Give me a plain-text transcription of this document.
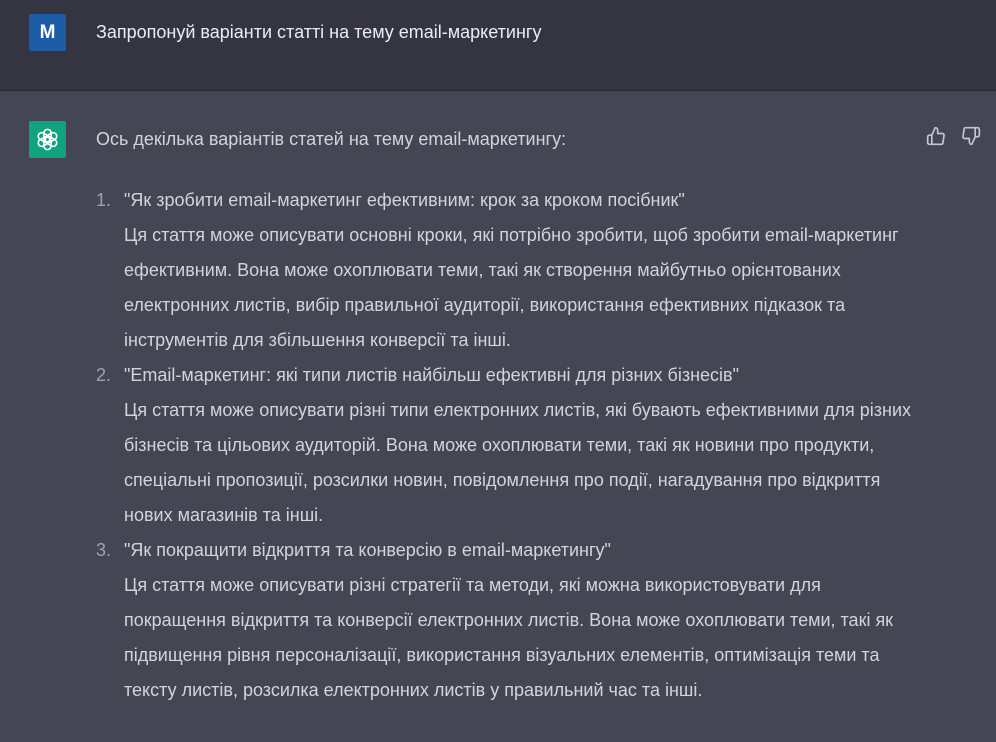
M	Запропонуй варіанти статті на тему email-маркетингу
Ось декілька варіантів статей на тему email-маркетингу:
1. "Як зробити email-маркетинг ефективним: крок за кроком посібник"
Ця стаття може описувати основні кроки, які потрібно зробити, щоб зробити email-маркетинг ефективним. Вона може охоплювати теми, такі як створення майбутньо орієнтованих електронних листів, вибір правильної аудиторії, використання ефективних підказок та інструментів для збільшення конверсії та інші.
2. "Email-маркетинг: які типи листів найбільш ефективні для різних бізнесів"
Ця стаття може описувати різні типи електронних листів, які бувають ефективними для різних бізнесів та цільових аудиторій. Вона може охоплювати теми, такі як новини про продукти, спеціальні пропозиції, розсилки новин, повідомлення про події, нагадування про відкриття нових магазинів та інші.
3. "Як покращити відкриття та конверсію в email-маркетингу"
Ця стаття може описувати різні стратегії та методи, які можна використовувати для покращення відкриття та конверсії електронних листів. Вона може охоплювати теми, такі як підвищення рівня персоналізації, використання візуальних елементів, оптимізація теми та тексту листів, розсилка електронних листів у правильний час та інші.
